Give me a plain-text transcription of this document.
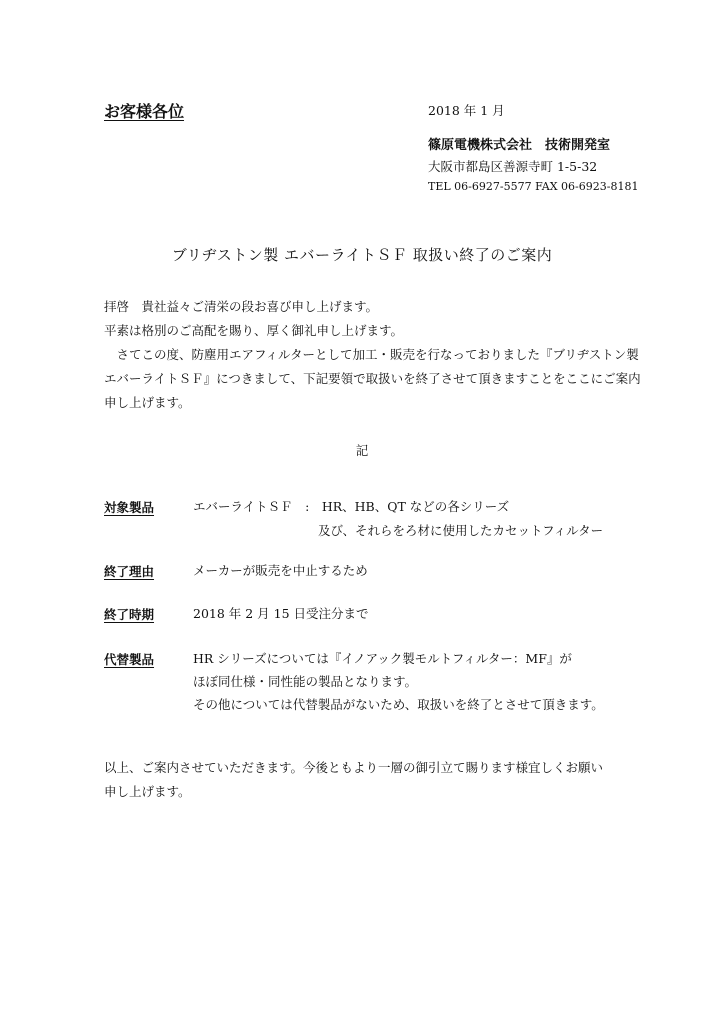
お客様各位	2018 年 1 月
篠原電機株式会社　技術開発室
大阪市都島区善源寺町 1-5-32
TEL 06-6927-5577 FAX 06-6923-8181
ブリヂストン製 エバーライトＳＦ 取扱い終了のご案内
拝啓　貴社益々ご清栄の段お喜び申し上げます。
平素は格別のご高配を賜り、厚く御礼申し上げます。
　さてこの度、防塵用エアフィルターとして加工・販売を行なっておりました『ブリヂストン製
エバーライトＳＦ』につきまして、下記要領で取扱いを終了させて頂きますことをここにご案内
申し上げます。
記
対象製品	エバーライトＳＦ　:　HR、HB、QT などの各シリーズ
及び、それらをろ材に使用したカセットフィルター
終了理由	メーカーが販売を中止するため
終了時期	2018 年 2 月 15 日受注分まで
代替製品	HR シリーズについては『イノアック製モルトフィルター：MF』が
ほぼ同仕様・同性能の製品となります。
その他については代替製品がないため、取扱いを終了とさせて頂きます。
以上、ご案内させていただきます。今後ともより一層の御引立て賜ります様宜しくお願い
申し上げます。
